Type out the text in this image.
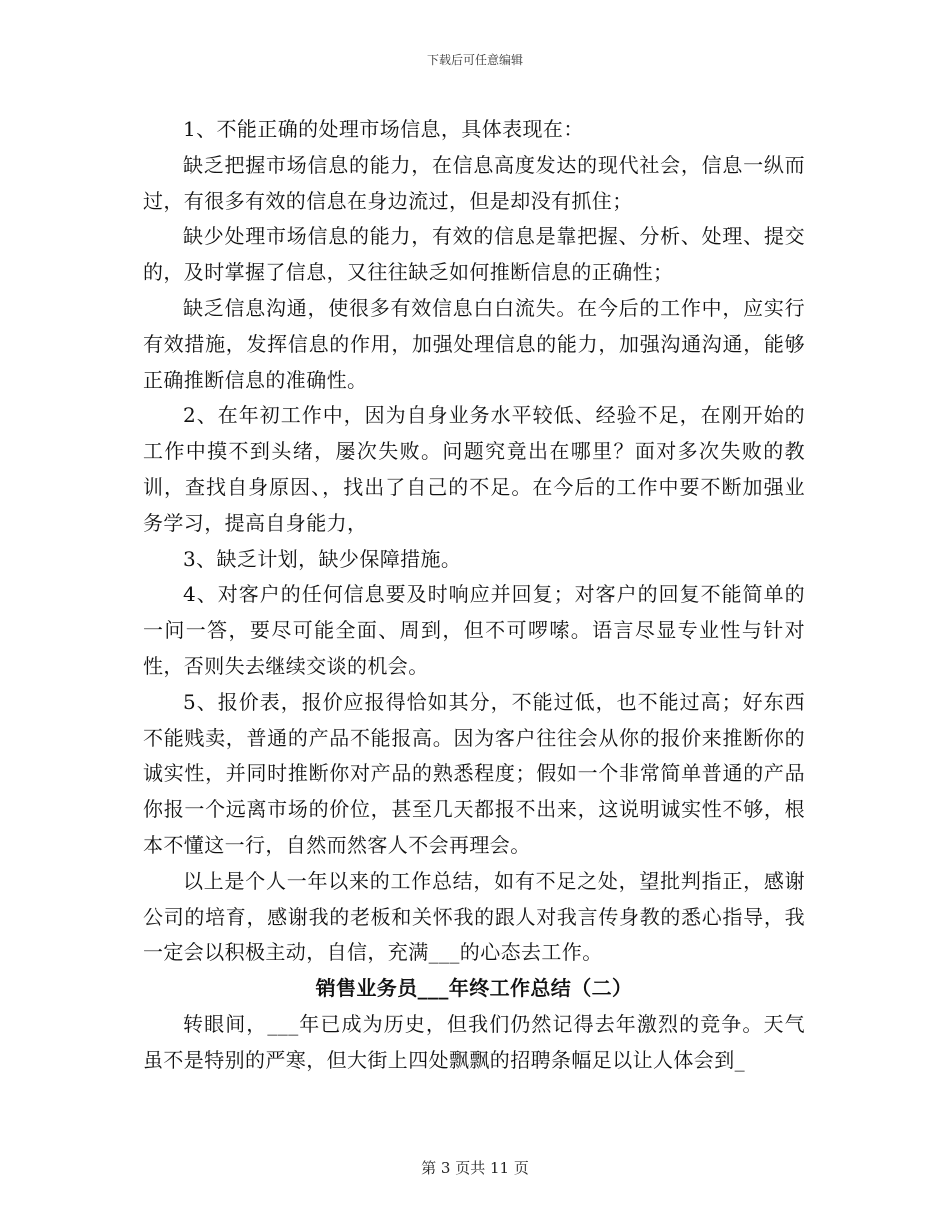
下载后可任意编辑

1、不能正确的处理市场信息，具体表现在：

缺乏把握市场信息的能力，在信息高度发达的现代社会，信息一纵而过，有很多有效的信息在身边流过，但是却没有抓住；

缺少处理市场信息的能力，有效的信息是靠把握、分析、处理、提交的，及时掌握了信息，又往往缺乏如何推断信息的正确性；

缺乏信息沟通，使很多有效信息白白流失。在今后的工作中，应实行有效措施，发挥信息的作用，加强处理信息的能力，加强沟通沟通，能够正确推断信息的准确性。

2、在年初工作中，因为自身业务水平较低、经验不足，在刚开始的工作中摸不到头绪，屡次失败。问题究竟出在哪里？面对多次失败的教训，查找自身原因、，找出了自己的不足。在今后的工作中要不断加强业务学习，提高自身能力，

3、缺乏计划，缺少保障措施。

4、对客户的任何信息要及时响应并回复；对客户的回复不能简单的一问一答，要尽可能全面、周到，但不可啰嗦。语言尽显专业性与针对性，否则失去继续交谈的机会。

5、报价表，报价应报得恰如其分，不能过低，也不能过高；好东西不能贱卖，普通的产品不能报高。因为客户往往会从你的报价来推断你的诚实性，并同时推断你对产品的熟悉程度；假如一个非常简单普通的产品你报一个远离市场的价位，甚至几天都报不出来，这说明诚实性不够，根本不懂这一行，自然而然客人不会再理会。

以上是个人一年以来的工作总结，如有不足之处，望批判指正，感谢公司的培育，感谢我的老板和关怀我的跟人对我言传身教的悉心指导，我一定会以积极主动，自信，充满___的心态去工作。

销售业务员___年终工作总结（二）

转眼间，___年已成为历史，但我们仍然记得去年激烈的竞争。天气虽不是特别的严寒，但大街上四处飘飘的招聘条幅足以让人体会到_

第 3 页共 11 页
